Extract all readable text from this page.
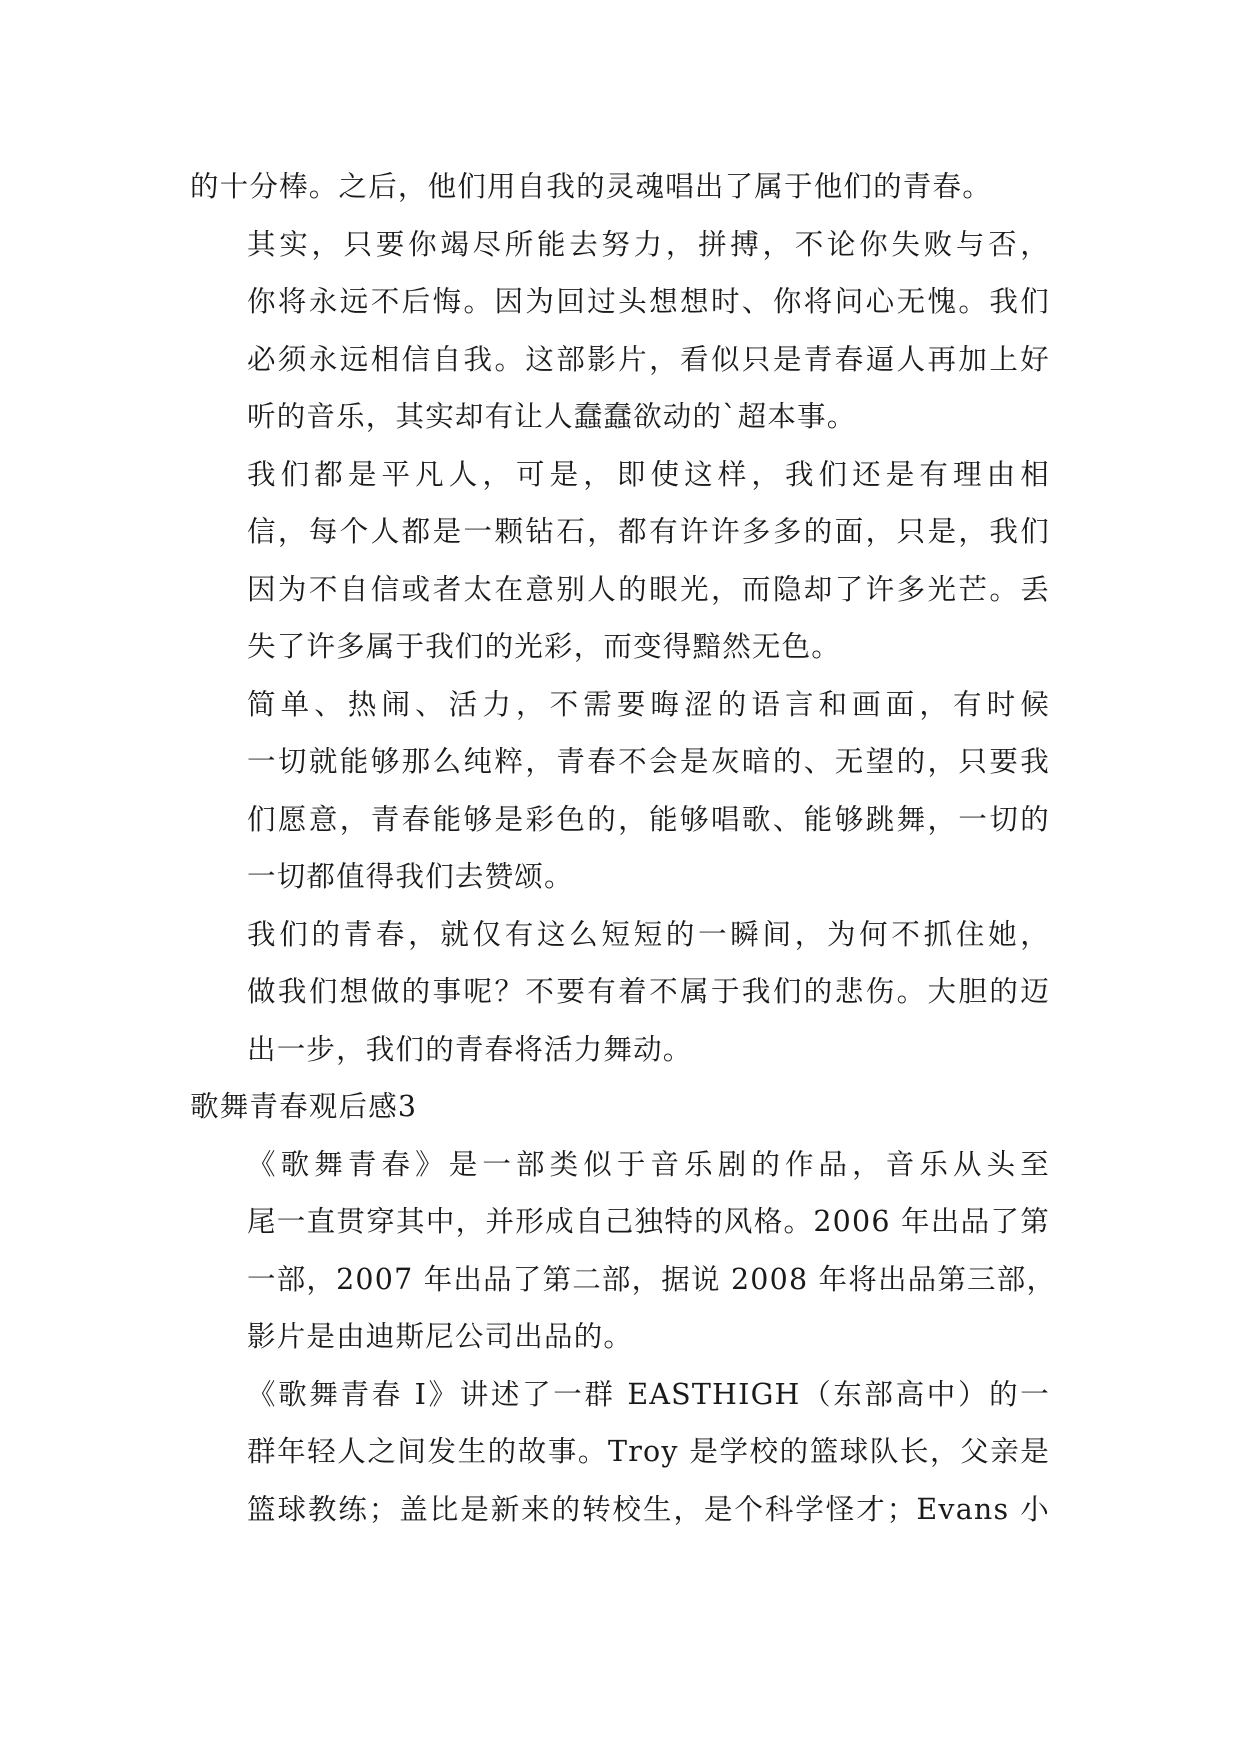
的十分棒。之后，他们用自我的灵魂唱出了属于他们的青春。

其实，只要你竭尽所能去努力，拼搏，不论你失败与否，
你将永远不后悔。因为回过头想想时、你将问心无愧。我们
必须永远相信自我。这部影片，看似只是青春逼人再加上好
听的音乐，其实却有让人蠢蠢欲动的`超本事。

我们都是平凡人，可是，即使这样，我们还是有理由相
信，每个人都是一颗钻石，都有许许多多的面，只是，我们
因为不自信或者太在意别人的眼光，而隐却了许多光芒。丢
失了许多属于我们的光彩，而变得黯然无色。

简单、热闹、活力，不需要晦涩的语言和画面，有时候
一切就能够那么纯粹，青春不会是灰暗的、无望的，只要我
们愿意，青春能够是彩色的，能够唱歌、能够跳舞，一切的
一切都值得我们去赞颂。

我们的青春，就仅有这么短短的一瞬间，为何不抓住她，
做我们想做的事呢？不要有着不属于我们的悲伤。大胆的迈
出一步，我们的青春将活力舞动。

歌舞青春观后感3

《歌舞青春》是一部类似于音乐剧的作品，音乐从头至
尾一直贯穿其中，并形成自己独特的风格。2006 年出品了第
一部，2007 年出品了第二部，据说 2008 年将出品第三部，
影片是由迪斯尼公司出品的。

《歌舞青春 I》讲述了一群 EASTHIGH（东部高中）的一
群年轻人之间发生的故事。Troy 是学校的篮球队长，父亲是
篮球教练；盖比是新来的转校生，是个科学怪才；Evans 小
